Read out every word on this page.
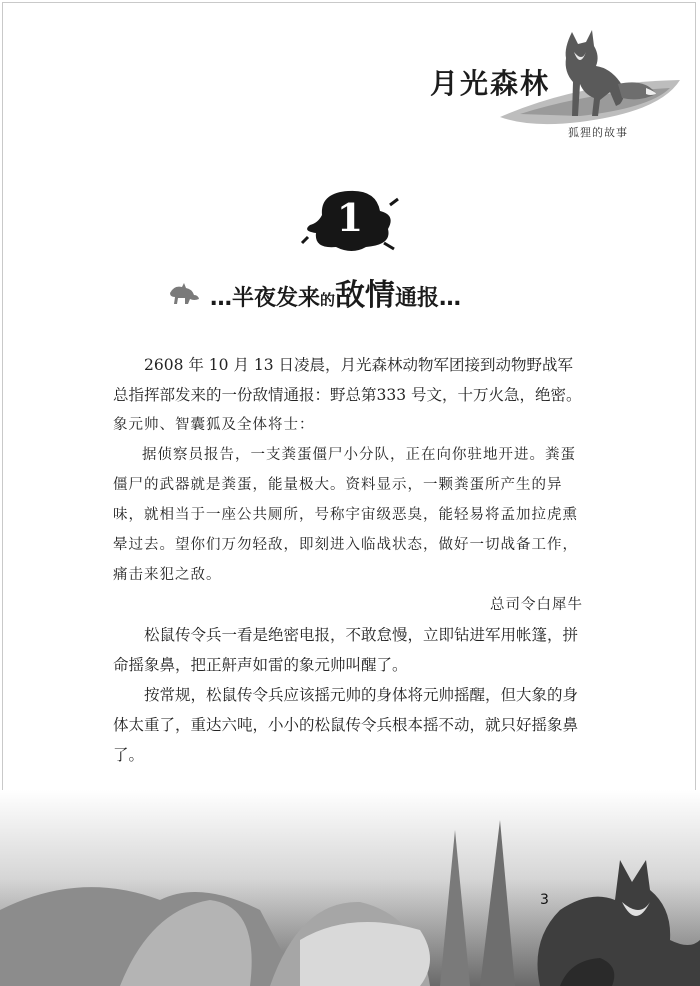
月光森林
狐狸的故事
1
…半夜发来 的 敌情 通报…

2608 年 10 月 13 日凌晨，月光森林动物军团接到动物野战军总指挥部发来的一份敌情通报：野总第333 号文，十万火急，绝密。

象元帅、智囊狐及全体将士：

据侦察员报告，一支粪蛋僵尸小分队，正在向你驻地开进。粪蛋僵尸的武器就是粪蛋，能量极大。资料显示，一颗粪蛋所产生的异味，就相当于一座公共厕所，号称宇宙级恶臭，能轻易将孟加拉虎熏晕过去。望你们万勿轻敌，即刻进入临战状态，做好一切战备工作，痛击来犯之敌。

总司令白犀牛

松鼠传令兵一看是绝密电报，不敢怠慢，立即钻进军用帐篷，拼命摇象鼻，把正鼾声如雷的象元帅叫醒了。

按常规，松鼠传令兵应该摇元帅的身体将元帅摇醒，但大象的身体太重了，重达六吨，小小的松鼠传令兵根本摇不动，就只好摇象鼻了。

3
